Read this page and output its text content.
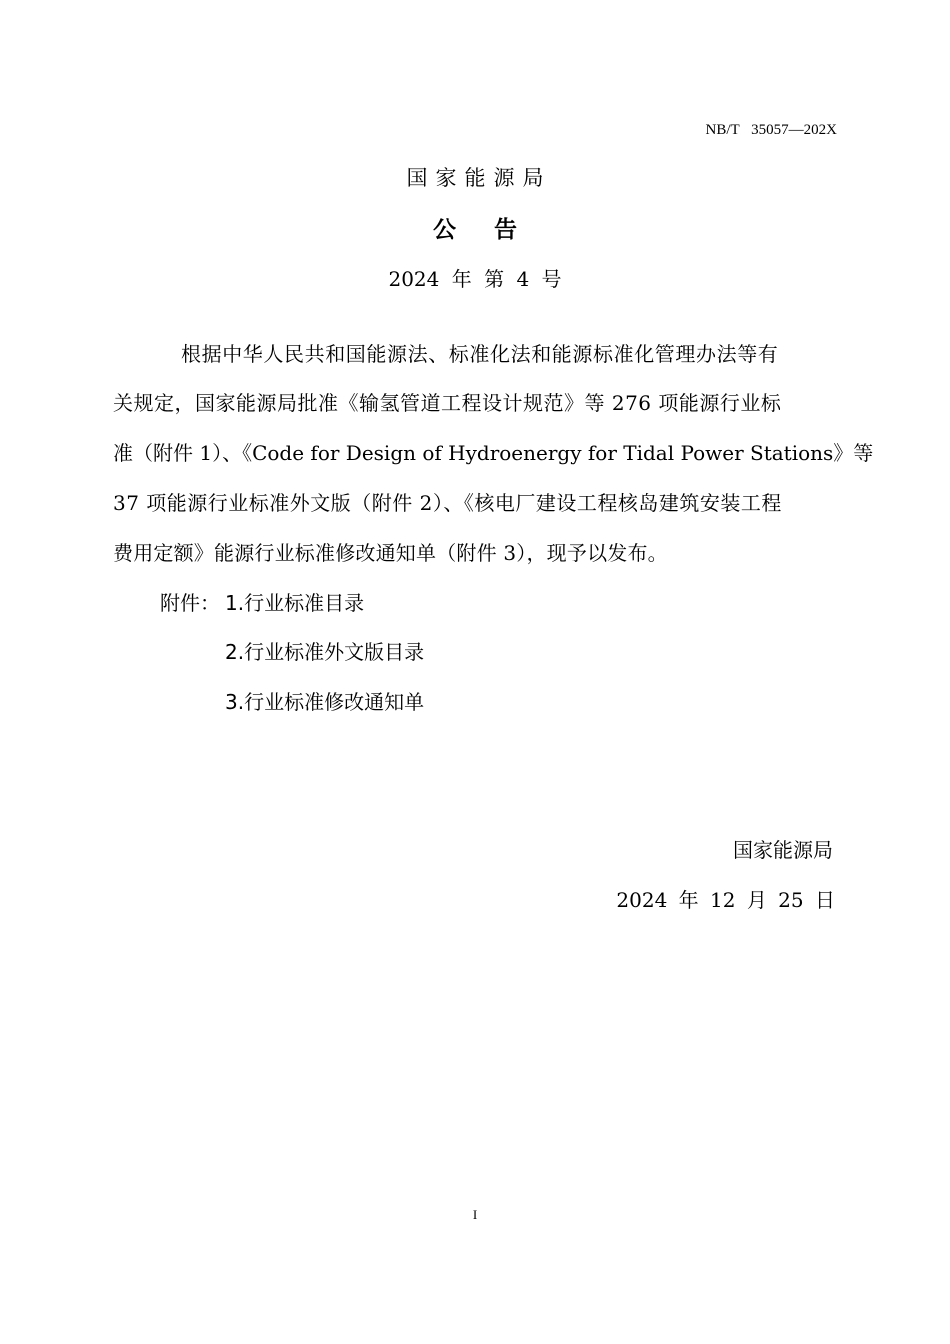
NB/T 35057—202X
国家能源局
公告
2024 年 第 4 号
根据中华人民共和国能源法、标准化法和能源标准化管理办法等有
关规定，国家能源局批准《输氢管道工程设计规范》等 276 项能源行业标
准（附件 1）、《Code for Design of Hydroenergy for Tidal Power Stations》等
37 项能源行业标准外文版（附件 2）、《核电厂建设工程核岛建筑安装工程
费用定额》能源行业标准修改通知单（附件 3），现予以发布。
附件： 1.行业标准目录
2.行业标准外文版目录
3.行业标准修改通知单
国家能源局
2024 年 12 月 25 日
I
